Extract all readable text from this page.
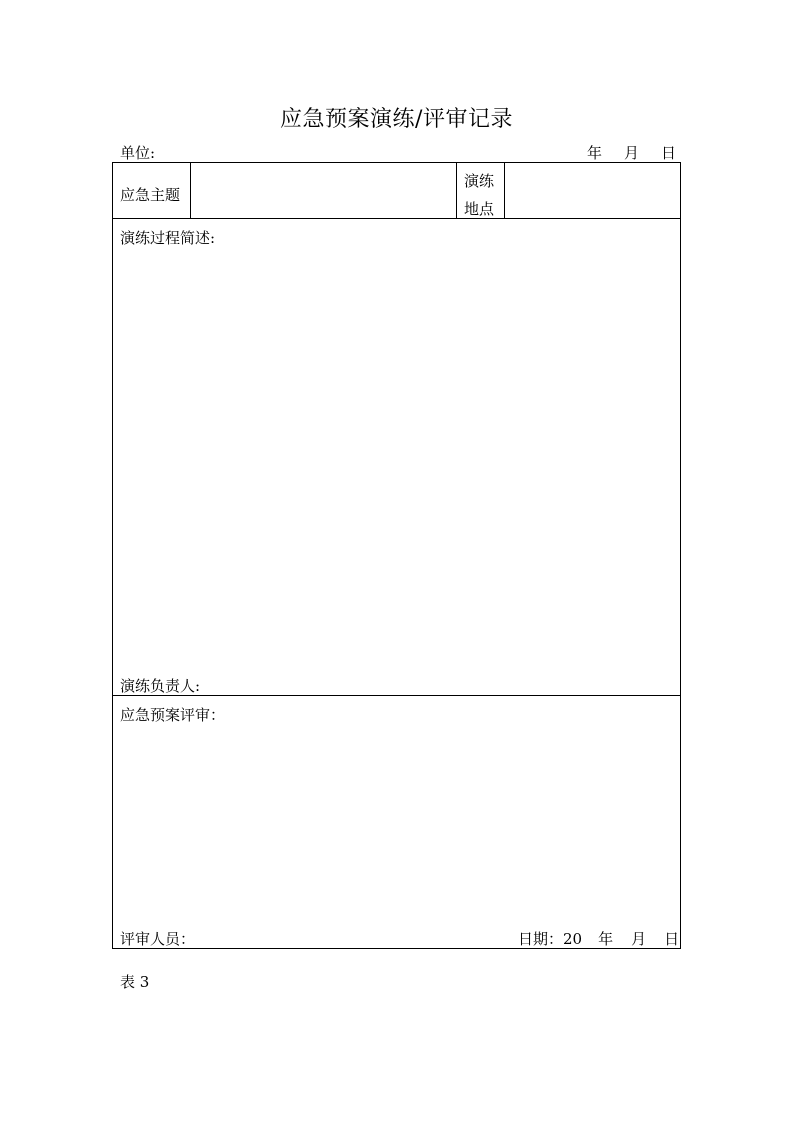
应急预案演练/评审记录
单位:	年 月 日
应急主题
演练
地点
演练过程简述:
演练负责人:
应急预案评审：
评审人员：	日期：20 年 月 日
表 3
